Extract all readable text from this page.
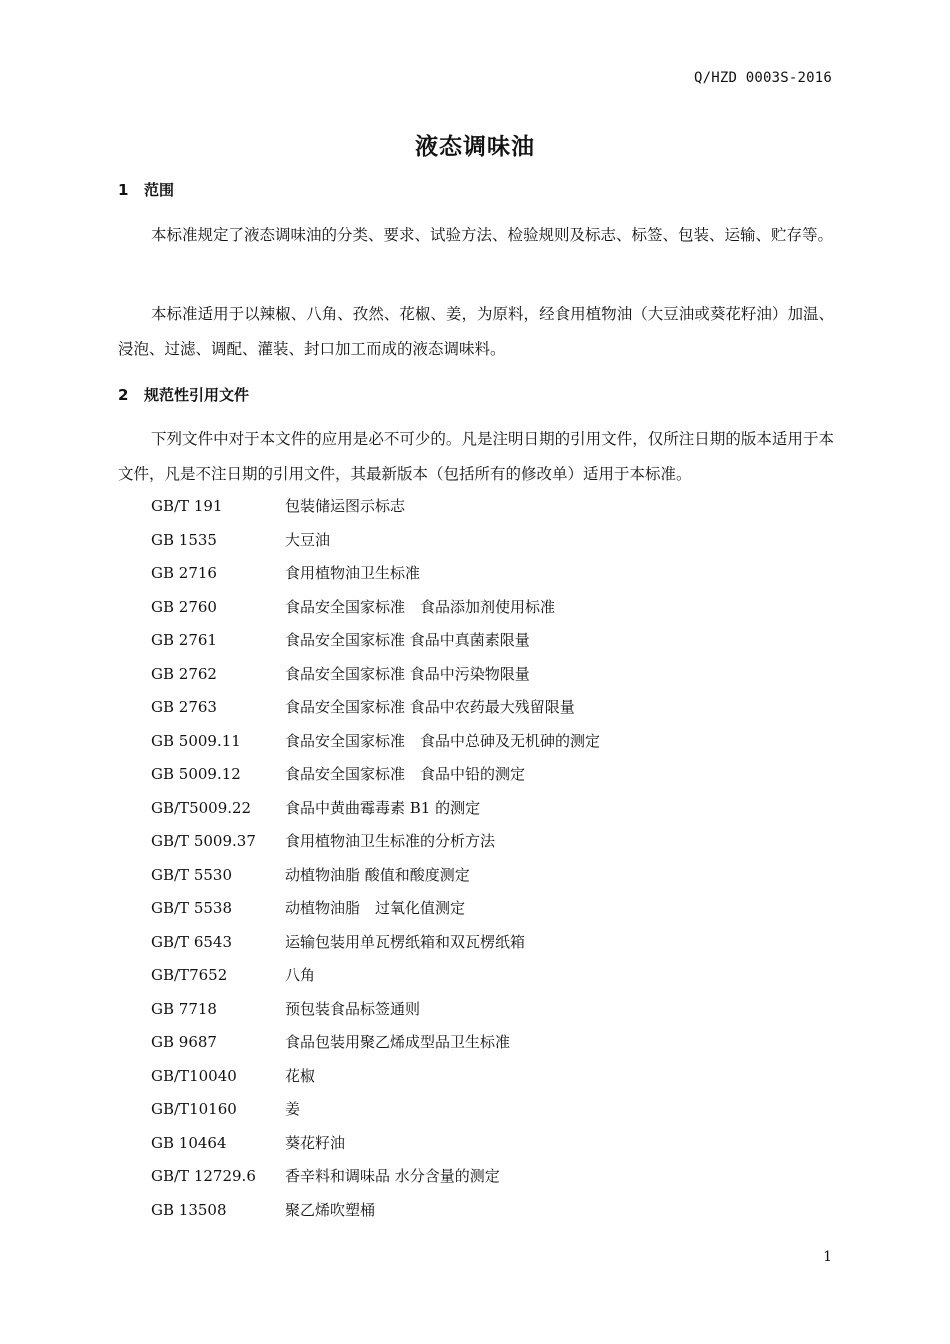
Q/HZD 0003S-2016
液态调味油
1 范围

本标准规定了液态调味油的分类、要求、试验方法、检验规则及标志、标签、包装、运输、贮存等。

本标准适用于以辣椒、八角、孜然、花椒、姜，为原料，经食用植物油（大豆油或葵花籽油）加温、浸泡、过滤、调配、灌装、封口加工而成的液态调味料。

2 规范性引用文件

下列文件中对于本文件的应用是必不可少的。凡是注明日期的引用文件，仅所注日期的版本适用于本文件，凡是不注日期的引用文件，其最新版本（包括所有的修改单）适用于本标准。

GB/T 191	包装储运图示标志
GB 1535	大豆油
GB 2716	食用植物油卫生标准
GB 2760	食品安全国家标准　食品添加剂使用标准
GB 2761	食品安全国家标准 食品中真菌素限量
GB 2762	食品安全国家标准 食品中污染物限量
GB 2763	食品安全国家标准 食品中农药最大残留限量
GB 5009.11	食品安全国家标准　食品中总砷及无机砷的测定
GB 5009.12	食品安全国家标准　食品中铅的测定
GB/T5009.22 食品中黄曲霉毒素 B1 的测定
GB/T 5009.37 食用植物油卫生标准的分析方法
GB/T 5530	动植物油脂 酸值和酸度测定
GB/T 5538	动植物油脂　过氧化值测定
GB/T 6543	运输包装用单瓦楞纸箱和双瓦楞纸箱
GB/T7652	八角
GB 7718	预包装食品标签通则
GB 9687	食品包装用聚乙烯成型品卫生标准
GB/T10040	花椒
GB/T10160	姜
GB 10464	葵花籽油
GB/T 12729.6 香辛料和调味品 水分含量的测定
GB 13508	聚乙烯吹塑桶
1
